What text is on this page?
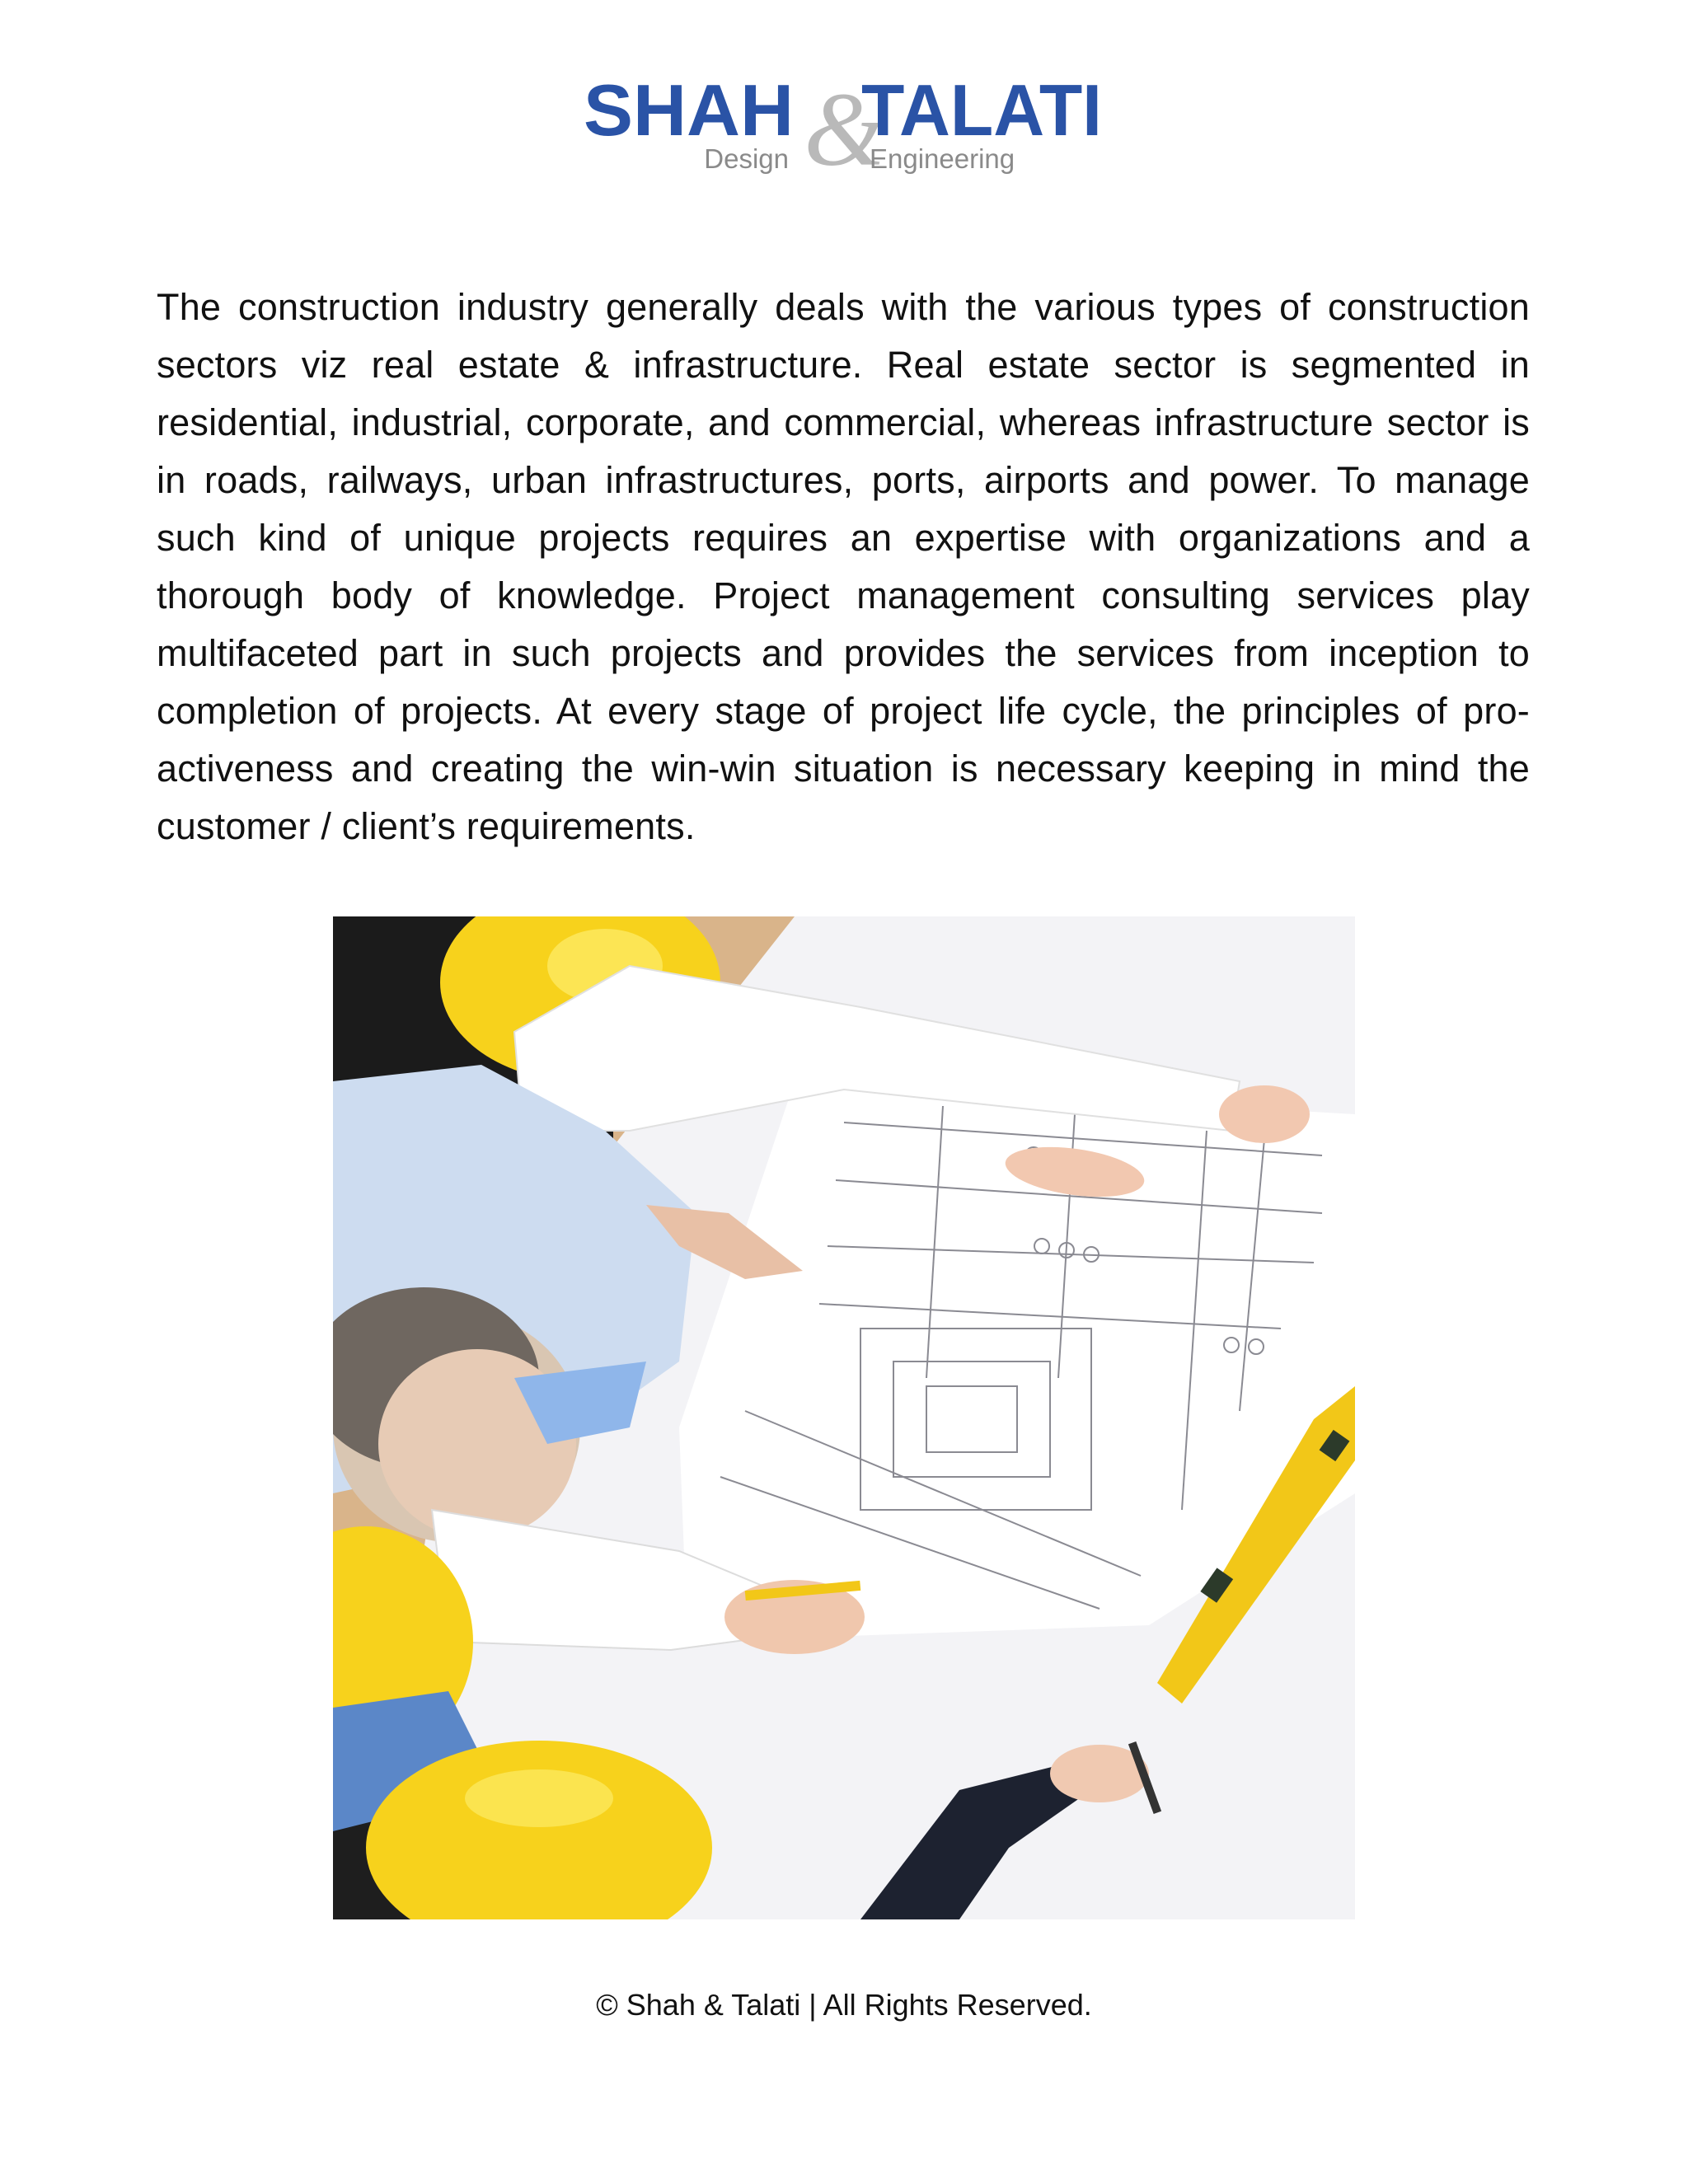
&
SHAH TALATI
Design	Engineering

The construction industry generally deals with the various types of construction sectors viz real estate & infrastructure. Real estate sector is segmented in residential, industrial, corporate, and commercial, whereas infrastructure sector is in roads, railways, urban infrastructures, ports, airports and power. To manage such kind of unique projects requires an expertise with organizations and a thorough body of knowledge. Project management consulting services play multifaceted part in such projects and provides the services from inception to completion of projects. At every stage of project life cycle, the principles of pro-activeness and creating the win-win situation is necessary keeping in mind the customer / client’s requirements.

© Shah & Talati | All Rights Reserved.
